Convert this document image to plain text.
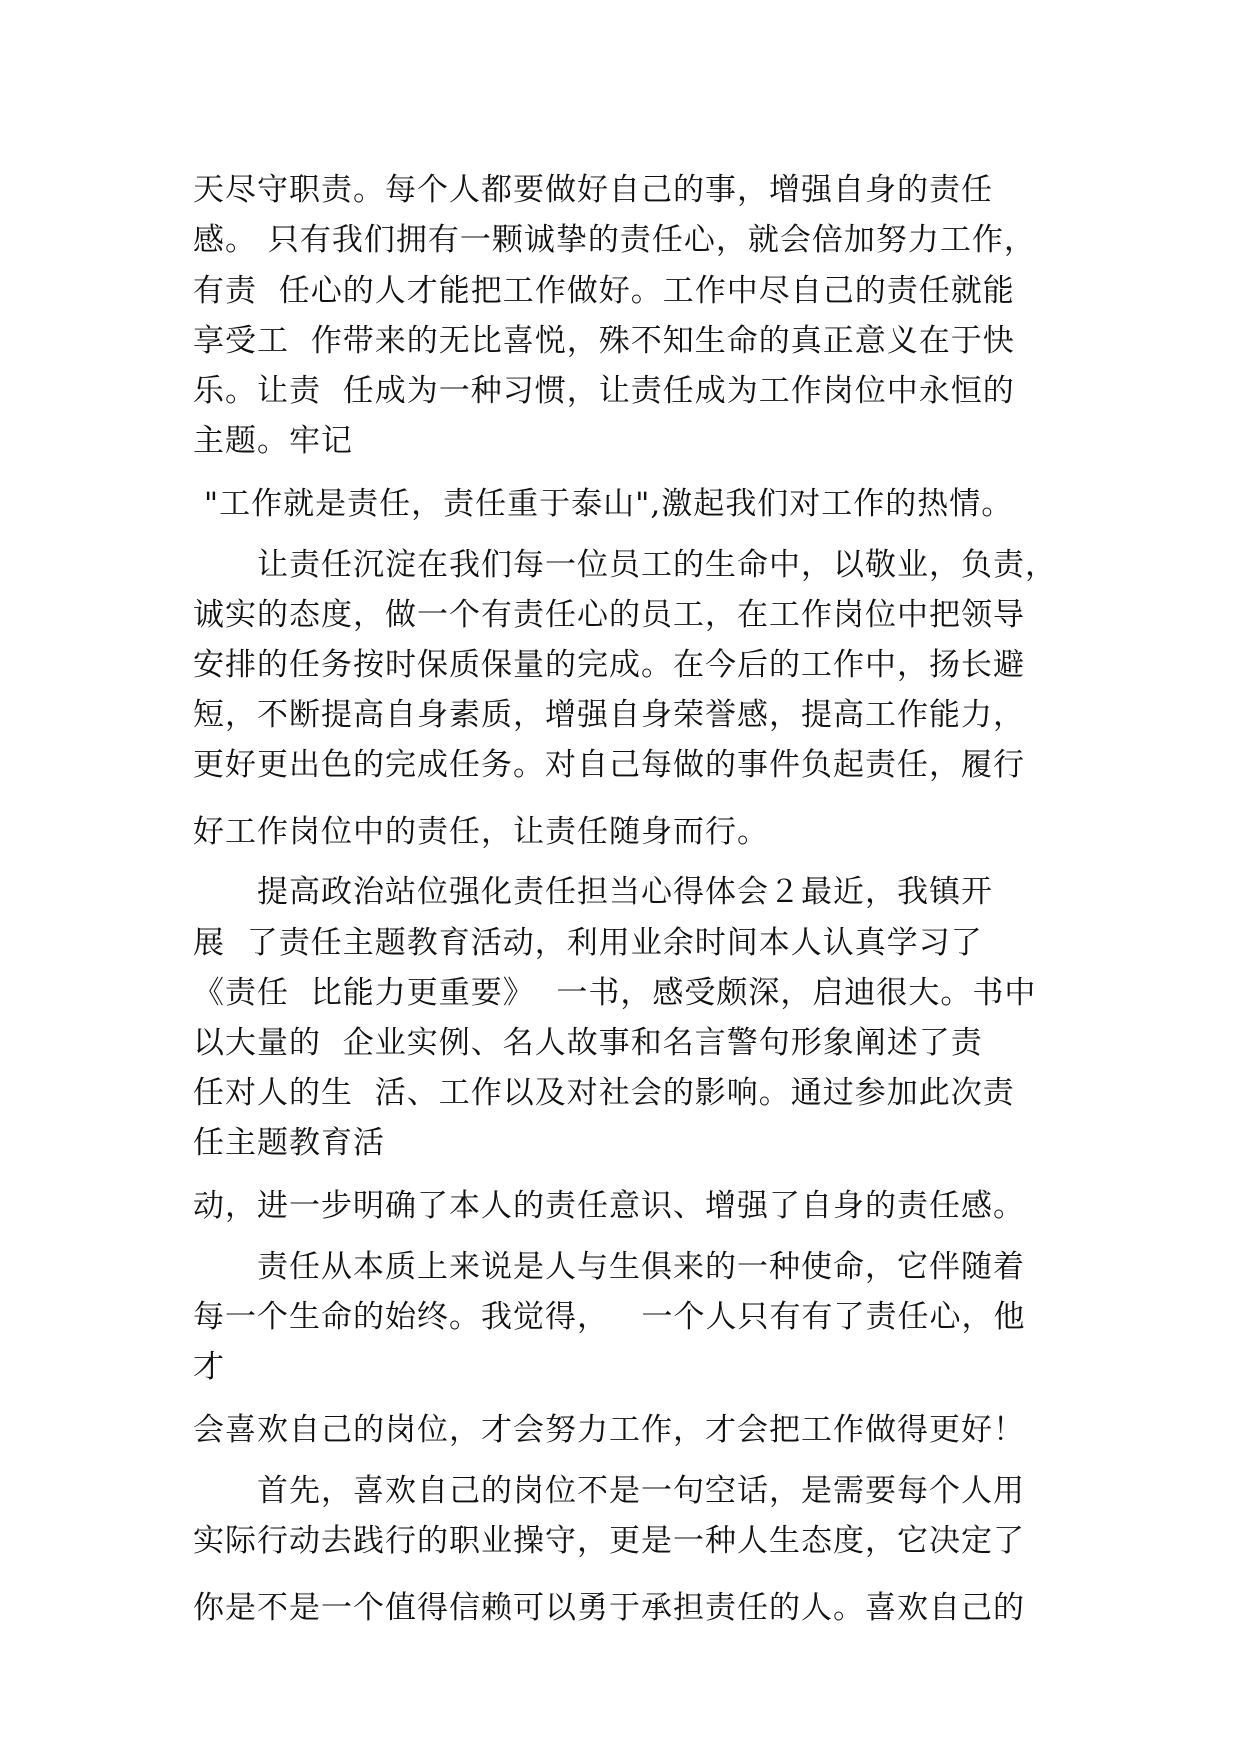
天尽守职责。每个人都要做好自己的事，增强自身的责任
感。 只有我们拥有一颗诚挚的责任心，就会倍加努力工作，
有责  任心的人才能把工作做好。工作中尽自己的责任就能
享受工  作带来的无比喜悦，殊不知生命的真正意义在于快
乐。让责  任成为一种习惯，让责任成为工作岗位中永恒的
主题。牢记
"工作就是责任，责任重于泰山",激起我们对工作的热情。
让责任沉淀在我们每一位员工的生命中，以敬业，负责，
诚实的态度，做一个有责任心的员工，在工作岗位中把领导
安排的任务按时保质保量的完成。在今后的工作中，扬长避
短，不断提高自身素质，增强自身荣誉感，提高工作能力，
更好更出色的完成任务。对自己每做的事件负起责任，履行
好工作岗位中的责任，让责任随身而行。
提高政治站位强化责任担当心得体会２最近，我镇开
展  了责任主题教育活动，利用业余时间本人认真学习了
《责任  比能力更重要》  一书，感受颇深，启迪很大。书中
以大量的  企业实例、名人故事和名言警句形象阐述了责
任对人的生  活、工作以及对社会的影响。通过参加此次责
任主题教育活
动，进一步明确了本人的责任意识、增强了自身的责任感。
责任从本质上来说是人与生俱来的一种使命，它伴随着
每一个生命的始终。我觉得，   一个人只有有了责任心，他
才
会喜欢自己的岗位，才会努力工作，才会把工作做得更好！
首先，喜欢自己的岗位不是一句空话，是需要每个人用
实际行动去践行的职业操守，更是一种人生态度，它决定了
你是不是一个值得信赖可以勇于承担责任的人。喜欢自己的
